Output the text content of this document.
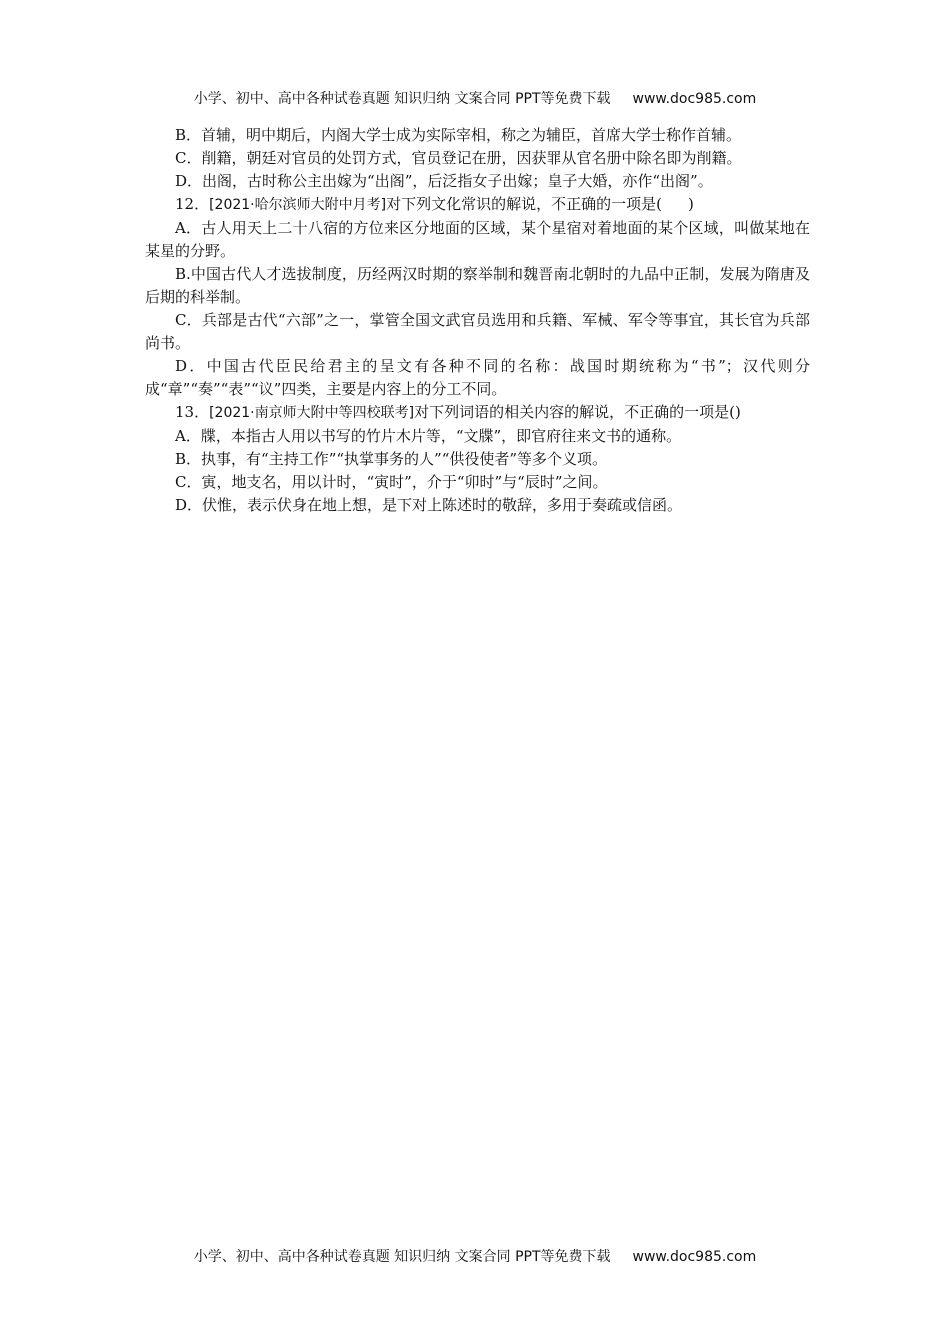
小学、初中、高中各种试卷真题 知识归纳 文案合同 PPT等免费下载 www.doc985.com

B．首辅，明中期后，内阁大学士成为实际宰相，称之为辅臣，首席大学士称作首辅。

C．削籍，朝廷对官员的处罚方式，官员登记在册，因获罪从官名册中除名即为削籍。

D．出阁，古时称公主出嫁为“出阁”，后泛指女子出嫁；皇子大婚，亦作“出阁”。

12．[2021·哈尔滨师大附中月考]对下列文化常识的解说，不正确的一项是( )

A．古人用天上二十八宿的方位来区分地面的区域，某个星宿对着地面的某个区域，叫做某地在某星的分野。

B.中国古代人才选拔制度，历经两汉时期的察举制和魏晋南北朝时的九品中正制，发展为隋唐及后期的科举制。

C．兵部是古代“六部”之一，掌管全国文武官员选用和兵籍、军械、军令等事宜，其长官为兵部尚书。

D．中国古代臣民给君主的呈文有各种不同的名称：战国时期统称为“书”；汉代则分成“章”“奏”“表”“议”四类，主要是内容上的分工不同。

13．[2021·南京师大附中等四校联考]对下列词语的相关内容的解说，不正确的一项是()

A．牒，本指古人用以书写的竹片木片等，“文牒”，即官府往来文书的通称。

B．执事，有“主持工作”“执掌事务的人”“供役使者”等多个义项。

C．寅，地支名，用以计时，“寅时”，介于“卯时”与“辰时”之间。

D．伏惟，表示伏身在地上想，是下对上陈述时的敬辞，多用于奏疏或信函。

小学、初中、高中各种试卷真题 知识归纳 文案合同 PPT等免费下载 www.doc985.com
